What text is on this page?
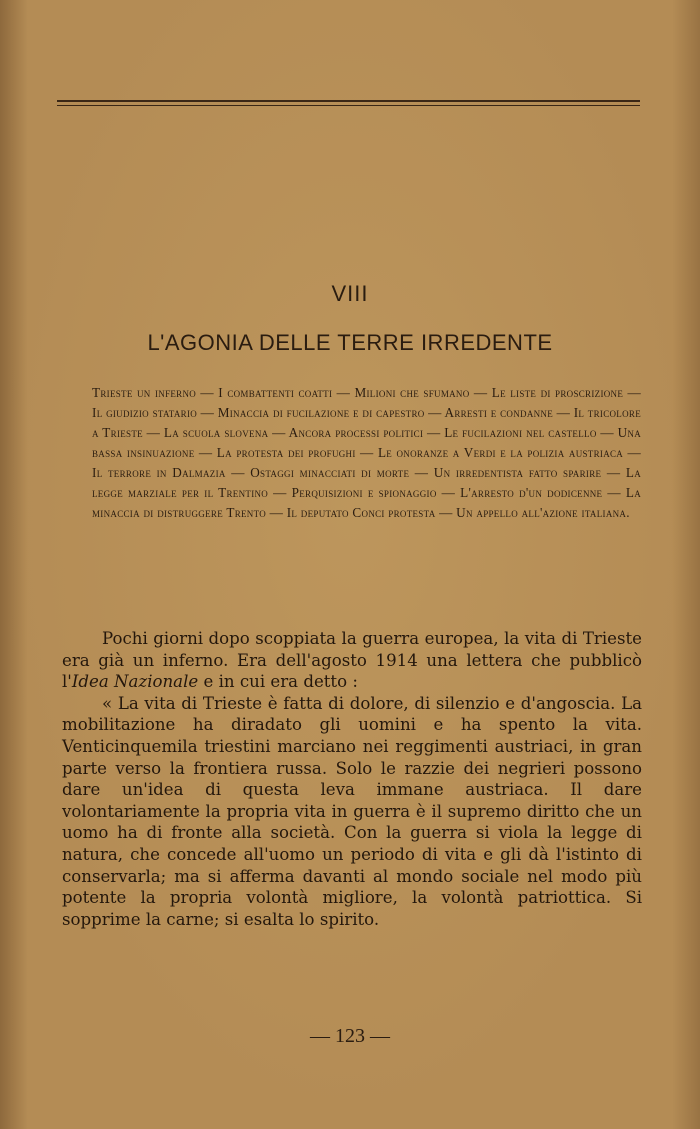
VIII
L'AGONIA DELLE TERRE IRREDENTE
Trieste un inferno — I combattenti coatti — Milioni che sfumano — Le liste di proscrizione — Il giudizio statario — Minaccia di fucilazione e di capestro — Arresti e condanne — Il tricolore a Trieste — La scuola slovena — Ancora processi politici — Le fucilazioni nel castello — Una bassa insinuazione — La protesta dei profughi — Le onoranze a Verdi e la polizia austriaca — Il terrore in Dalmazia — Ostaggi minacciati di morte — Un irredentista fatto sparire — La legge marziale per il Trentino — Perquisizioni e spionaggio — L'arresto d'un dodicenne — La minaccia di distruggere Trento — Il deputato Conci protesta — Un appello all'azione italiana.

Pochi giorni dopo scoppiata la guerra europea, la vita di Trieste era già un inferno. Era dell'agosto 1914 una lettera che pubblicò l'Idea Nazionale e in cui era detto :

« La vita di Trieste è fatta di dolore, di silenzio e d'angoscia. La mobilitazione ha diradato gli uomini e ha spento la vita. Venticinquemila triestini marciano nei reggimenti austriaci, in gran parte verso la frontiera russa. Solo le razzie dei negrieri possono dare un'idea di questa leva immane austriaca. Il dare volontariamente la propria vita in guerra è il supremo diritto che un uomo ha di fronte alla società. Con la guerra si viola la legge di natura, che concede all'uomo un periodo di vita e gli dà l'istinto di conservarla; ma si afferma davanti al mondo sociale nel modo più potente la propria volontà migliore, la volontà patriottica. Si sopprime la carne; si esalta lo spirito.

— 123 —
